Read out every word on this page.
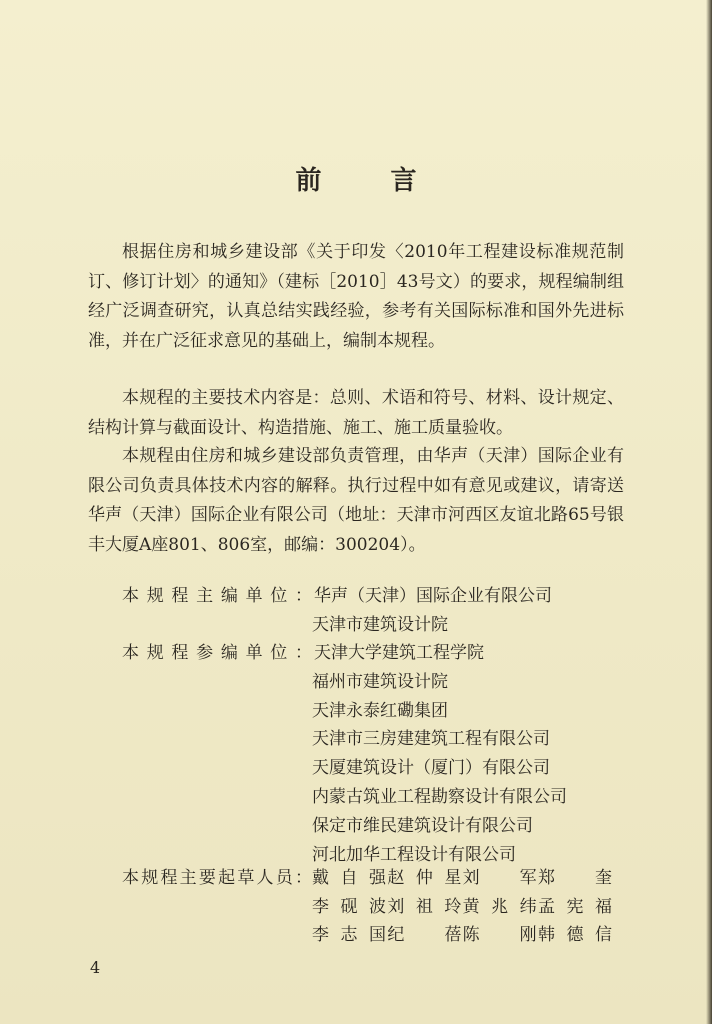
前 言

根据住房和城乡建设部《关于印发〈2010年工程建设标准规范制订、修订计划〉的通知》（建标［2010］43号文）的要求，规程编制组经广泛调查研究，认真总结实践经验，参考有关国际标准和国外先进标准，并在广泛征求意见的基础上，编制本规程。

本规程的主要技术内容是：总则、术语和符号、材料、设计规定、结构计算与截面设计、构造措施、施工、施工质量验收。

本规程由住房和城乡建设部负责管理，由华声（天津）国际企业有限公司负责具体技术内容的解释。执行过程中如有意见或建议，请寄送华声（天津）国际企业有限公司（地址：天津市河西区友谊北路65号银丰大厦A座801、806室，邮编：300204）。

本规程主编单位： 华声（天津）国际企业有限公司
天津市建筑设计院
本规程参编单位： 天津大学建筑工程学院
福州市建筑设计院
天津永泰红磡集团
天津市三房建建筑工程有限公司
天厦建筑设计（厦门）有限公司
内蒙古筑业工程勘察设计有限公司
保定市维民建筑设计有限公司
河北加华工程设计有限公司
本规程主要起草人员： 戴自强 赵仲星 刘军 郑奎
李砚波 刘祖玲 黄兆纬 孟宪福
李志国 纪蓓 陈刚 韩德信
4
